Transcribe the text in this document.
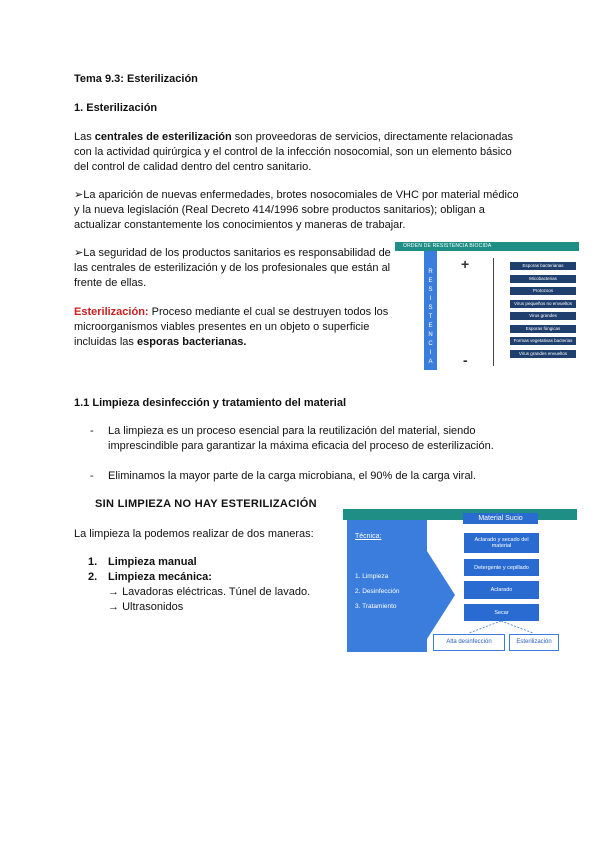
Tema 9.3: Esterilización
1. Esterilización
Las centrales de esterilización son proveedoras de servicios, directamente relacionadas
con la actividad quirúrgica y el control de la infección nosocomial, son un elemento básico
del control de calidad dentro del centro sanitario.
➢La aparición de nuevas enfermedades, brotes nosocomiales de VHC por material médico
y la nueva legislación (Real Decreto 414/1996 sobre productos sanitarios); obligan a
actualizar constantemente los conocimientos y maneras de trabajar.
➢La seguridad de los productos sanitarios es responsabilidad de
las centrales de esterilización y de los profesionales que están al
frente de ellas.
Esterilización: Proceso mediante el cual se destruyen todos los
microorganismos viables presentes en un objeto o superficie
incluidas las esporas bacterianas.
ORDEN DE RESISTENCIA BIOCIDA
R
E
S
I
S
T
E
N
C
I
A
+
-
Esporas bacterianas
Micobacterias
Protozoos
Virus pequeños no envueltos
Virus grandes
Esporas fúngicas
Formas vegetativas bacterias
Virus grandes envueltos
1.1 Limpieza desinfección y tratamiento del material
- La limpieza es un proceso esencial para la reutilización del material, siendo
imprescindible para garantizar la máxima eficacia del proceso de esterilización.
- Eliminamos la mayor parte de la carga microbiana, el 90% de la carga viral.
SIN LIMPIEZA NO HAY ESTERILIZACIÓN
La limpieza la podemos realizar de dos maneras:
1. Limpieza manual
2. Limpieza mecánica:
→ Lavadoras eléctricas. Túnel de lavado.
→ Ultrasonidos
Técnica:
1. Limpieza
2. Desinfección
3. Tratamiento
Material Sucio
Aclarado y secado del material
Detergente y cepillado
Aclarado
Secar
Alta desinfección	Esterilización
